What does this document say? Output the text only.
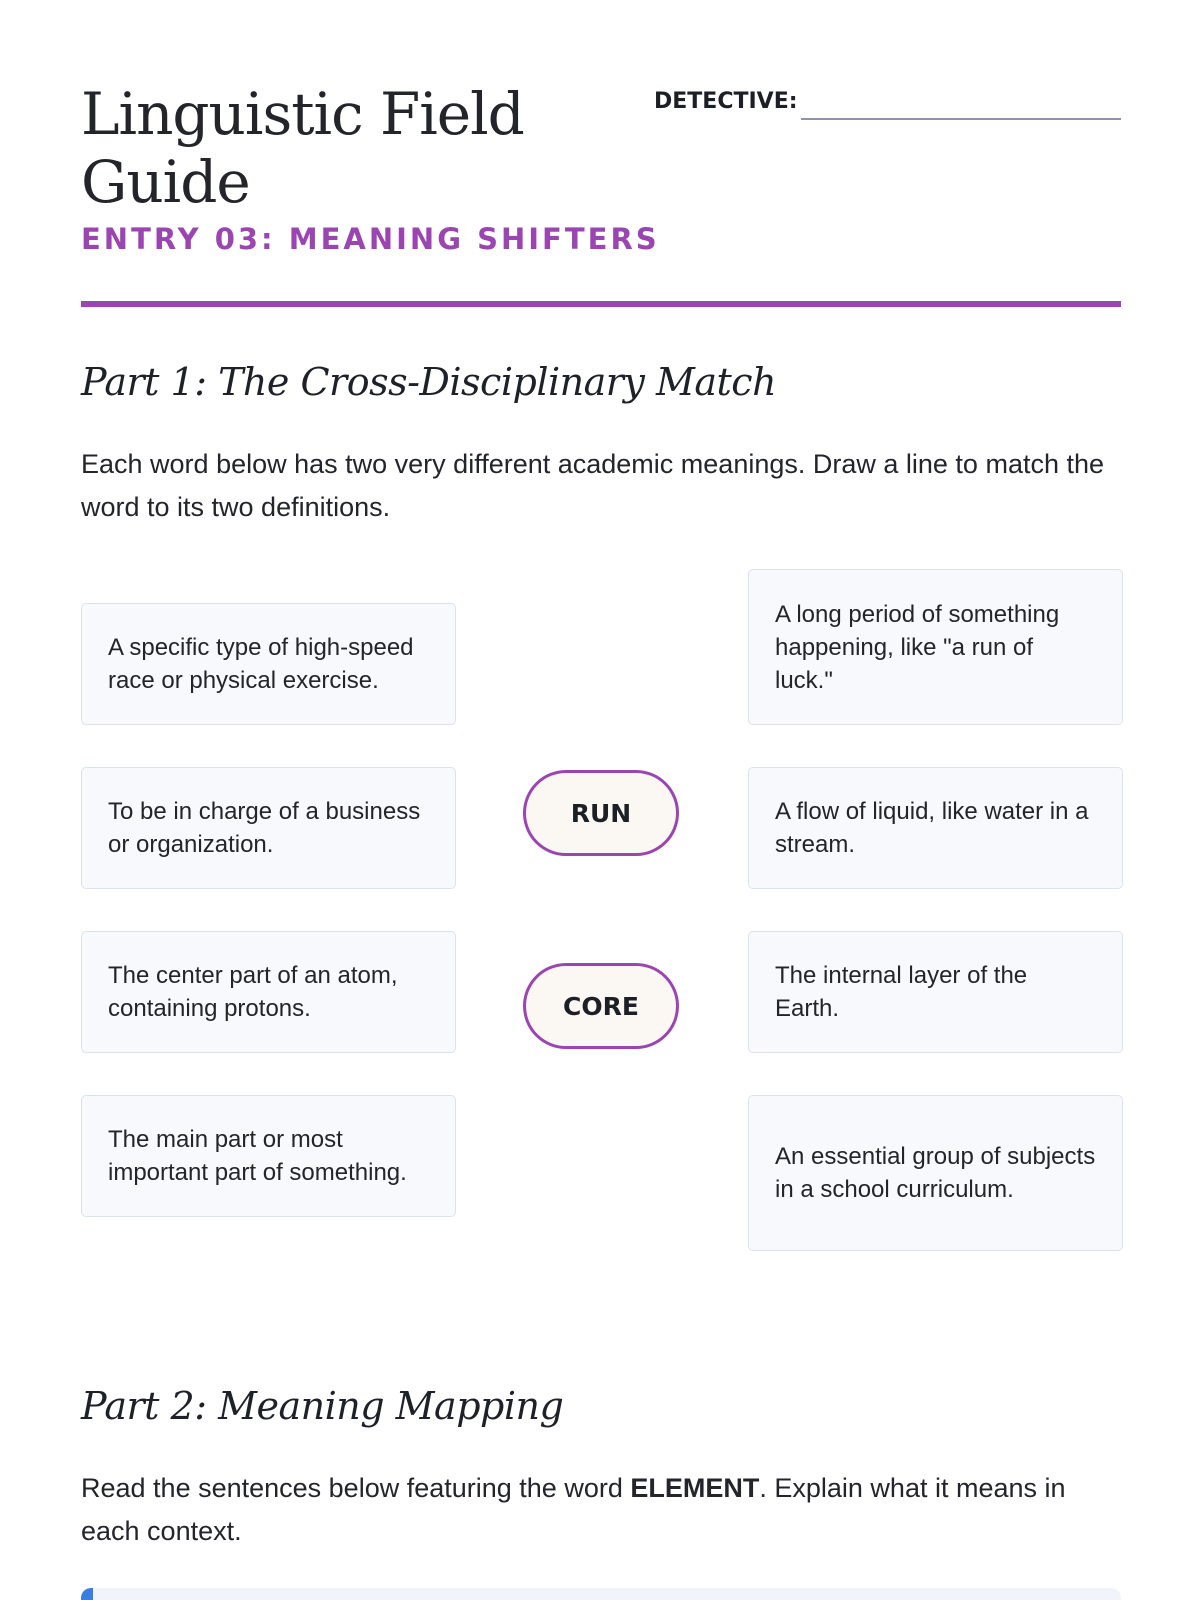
Linguistic Field Guide
ENTRY 03: MEANING SHIFTERS
DETECTIVE:
Part 1: The Cross-Disciplinary Match

Each word below has two very different academic meanings. Draw a line to match the word to its two definitions.

A specific type of high-speed race or physical exercise.
To be in charge of a business or organization.
The center part of an atom, containing protons.
The main part or most important part of something.
RUN
CORE
A long period of something happening, like "a run of luck."
A flow of liquid, like water in a stream.
The internal layer of the Earth.
An essential group of subjects in a school curriculum.
Part 2: Meaning Mapping

Read the sentences below featuring the word ELEMENT. Explain what it means in each context.
